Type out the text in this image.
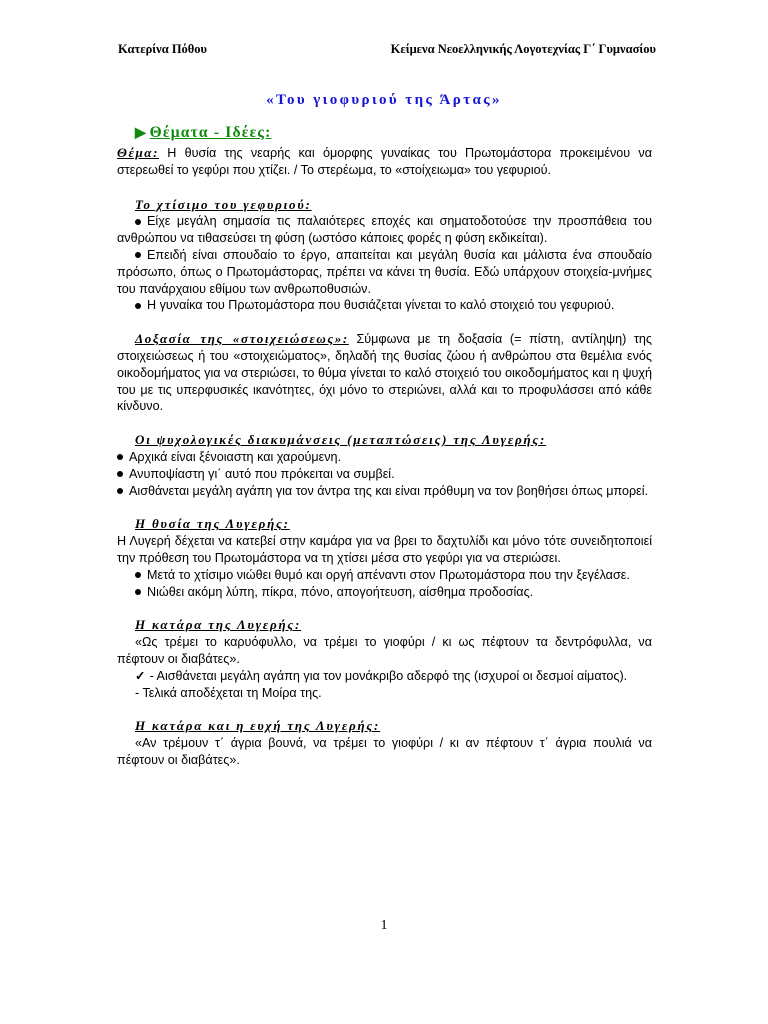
Κατερίνα Πόθου	Κείμενα Νεοελληνικής Λογοτεχνίας Γ΄ Γυμνασίου
«Του γιοφυριού της Άρτας»
▶ Θέματα - Ιδέες:

Θέμα: Η θυσία της νεαρής και όμορφης γυναίκας του Πρωτομάστορα προκειμένου να στερεωθεί το γεφύρι που χτίζει. / Το στερέωμα, το «στοίχειωμα» του γεφυριού.

Το χτίσιμο του γεφυριού:

Είχε μεγάλη σημασία τις παλαιότερες εποχές και σηματοδοτούσε την προσπάθεια του ανθρώπου να τιθασεύσει τη φύση (ωστόσο κάποιες φορές η φύση εκδικείται).

Επειδή είναι σπουδαίο το έργο, απαιτείται και μεγάλη θυσία και μάλιστα ένα σπουδαίο πρόσωπο, όπως ο Πρωτομάστορας, πρέπει να κάνει τη θυσία. Εδώ υπάρχουν στοιχεία-μνήμες του πανάρχαιου εθίμου των ανθρωποθυσιών.

Η γυναίκα του Πρωτομάστορα που θυσιάζεται γίνεται το καλό στοιχειό του γεφυριού.

Δοξασία της «στοιχειώσεως»: Σύμφωνα με τη δοξασία (= πίστη, αντίληψη) της στοιχειώσεως ή του «στοιχειώματος», δηλαδή της θυσίας ζώου ή ανθρώπου στα θεμέλια ενός οικοδομήματος για να στεριώσει, το θύμα γίνεται το καλό στοιχειό του οικοδομήματος και η ψυχή του με τις υπερφυσικές ικανότητες, όχι μόνο το στεριώνει, αλλά και το προφυλάσσει από κάθε κίνδυνο.

Οι ψυχολογικές διακυμάνσεις (μεταπτώσεις) της Λυγερής:

Αρχικά είναι ξένοιαστη και χαρούμενη.

Ανυποψίαστη γι΄ αυτό που πρόκειται να συμβεί.

Αισθάνεται μεγάλη αγάπη για τον άντρα της και είναι πρόθυμη να τον βοηθήσει όπως μπορεί.

Η θυσία της Λυγερής:

Η Λυγερή δέχεται να κατεβεί στην καμάρα για να βρει το δαχτυλίδι και μόνο τότε συνειδητοποιεί την πρόθεση του Πρωτομάστορα να τη χτίσει μέσα στο γεφύρι για να στεριώσει.

Μετά το χτίσιμο νιώθει θυμό και οργή απέναντι στον Πρωτομάστορα που την ξεγέλασε.

Νιώθει ακόμη λύπη, πίκρα, πόνο, απογοήτευση, αίσθημα προδοσίας.

Η κατάρα της Λυγερής:

«Ως τρέμει το καρυόφυλλο, να τρέμει το γιοφύρι / κι ως πέφτουν τα δεντρόφυλλα, να πέφτουν οι διαβάτες».

✓ - Αισθάνεται μεγάλη αγάπη για τον μονάκριβο αδερφό της (ισχυροί οι δεσμοί αίματος).

- Τελικά αποδέχεται τη Μοίρα της.

Η κατάρα και η ευχή της Λυγερής:

«Αν τρέμουν τ΄ άγρια βουνά, να τρέμει το γιοφύρι / κι αν πέφτουν τ΄ άγρια πουλιά να πέφτουν οι διαβάτες».

1
